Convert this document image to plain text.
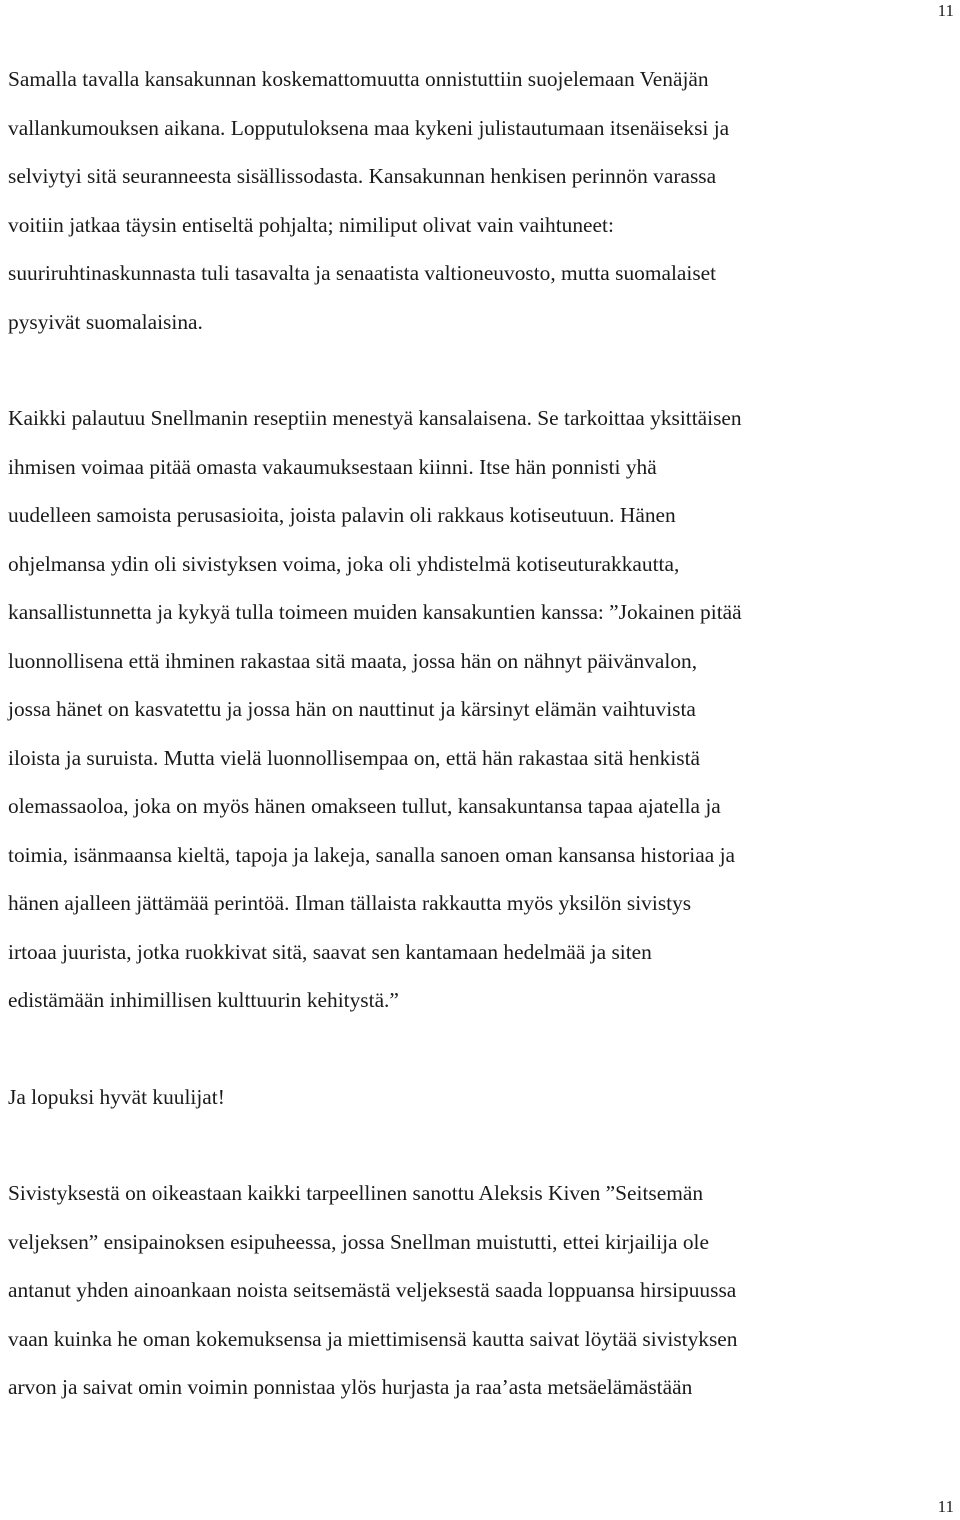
11

Samalla tavalla kansakunnan koskemattomuutta onnistuttiin suojelemaan Venäjän
vallankumouksen aikana. Lopputuloksena maa kykeni julistautumaan itsenäiseksi ja
selviytyi sitä seuranneesta sisällissodasta. Kansakunnan henkisen perinnön varassa
voitiin jatkaa täysin entiseltä pohjalta; nimiliput olivat vain vaihtuneet:
suuriruhtinaskunnasta tuli tasavalta ja senaatista valtioneuvosto, mutta suomalaiset
pysyivät suomalaisina.

Kaikki palautuu Snellmanin reseptiin menestyä kansalaisena. Se tarkoittaa yksittäisen
ihmisen voimaa pitää omasta vakaumuksestaan kiinni. Itse hän ponnisti yhä
uudelleen samoista perusasioita, joista palavin oli rakkaus kotiseutuun. Hänen
ohjelmansa ydin oli sivistyksen voima, joka oli yhdistelmä kotiseuturakkautta,
kansallistunnetta ja kykyä tulla toimeen muiden kansakuntien kanssa: ”Jokainen pitää
luonnollisena että ihminen rakastaa sitä maata, jossa hän on nähnyt päivänvalon,
jossa hänet on kasvatettu ja jossa hän on nauttinut ja kärsinyt elämän vaihtuvista
iloista ja suruista. Mutta vielä luonnollisempaa on, että hän rakastaa sitä henkistä
olemassaoloa, joka on myös hänen omakseen tullut, kansakuntansa tapaa ajatella ja
toimia, isänmaansa kieltä, tapoja ja lakeja, sanalla sanoen oman kansansa historiaa ja
hänen ajalleen jättämää perintöä. Ilman tällaista rakkautta myös yksilön sivistys
irtoaa juurista, jotka ruokkivat sitä, saavat sen kantamaan hedelmää ja siten
edistämään inhimillisen kulttuurin kehitystä.”

Ja lopuksi hyvät kuulijat!

Sivistyksestä on oikeastaan kaikki tarpeellinen sanottu Aleksis Kiven ”Seitsemän
veljeksen” ensipainoksen esipuheessa, jossa Snellman muistutti, ettei kirjailija ole
antanut yhden ainoankaan noista seitsemästä veljeksestä saada loppuansa hirsipuussa
vaan kuinka he oman kokemuksensa ja miettimisensä kautta saivat löytää sivistyksen
arvon ja saivat omin voimin ponnistaa ylös hurjasta ja raa’asta metsäelämästään

11
